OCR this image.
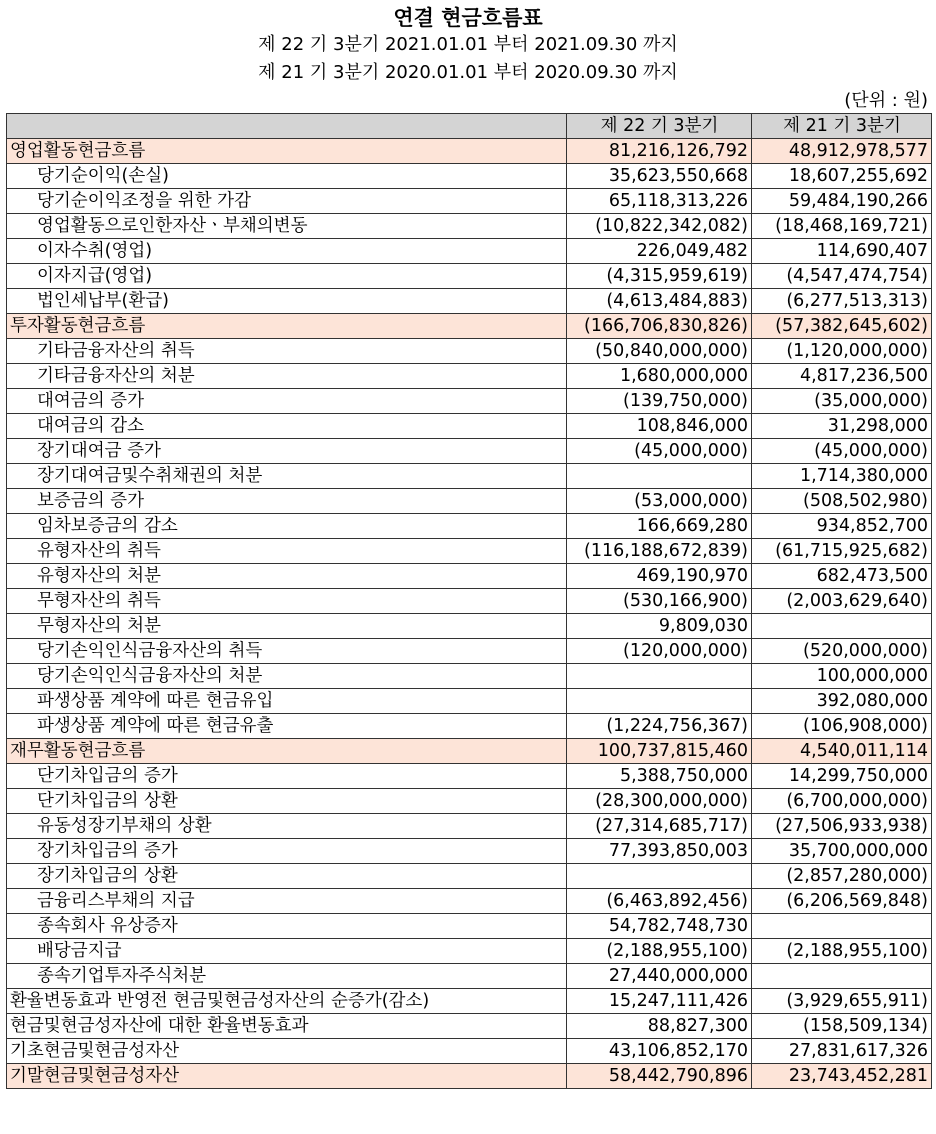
연결 현금흐름표
제 22 기 3분기 2021.01.01 부터 2021.09.30 까지
제 21 기 3분기 2020.01.01 부터 2020.09.30 까지
(단위 : 원)
	제 22 기 3분기	제 21 기 3분기
영업활동현금흐름	81,216,126,792	48,912,978,577
당기순이익(손실)	35,623,550,668	18,607,255,692
당기순이익조정을 위한 가감	65,118,313,226	59,484,190,266
영업활동으로인한자산ㆍ부채의변동	(10,822,342,082)	(18,468,169,721)
이자수취(영업)	226,049,482	114,690,407
이자지급(영업)	(4,315,959,619)	(4,547,474,754)
법인세납부(환급)	(4,613,484,883)	(6,277,513,313)
투자활동현금흐름	(166,706,830,826)	(57,382,645,602)
기타금융자산의 취득	(50,840,000,000)	(1,120,000,000)
기타금융자산의 처분	1,680,000,000	4,817,236,500
대여금의 증가	(139,750,000)	(35,000,000)
대여금의 감소	108,846,000	31,298,000
장기대여금 증가	(45,000,000)	(45,000,000)
장기대여금및수취채권의 처분		1,714,380,000
보증금의 증가	(53,000,000)	(508,502,980)
임차보증금의 감소	166,669,280	934,852,700
유형자산의 취득	(116,188,672,839)	(61,715,925,682)
유형자산의 처분	469,190,970	682,473,500
무형자산의 취득	(530,166,900)	(2,003,629,640)
무형자산의 처분	9,809,030	
당기손익인식금융자산의 취득	(120,000,000)	(520,000,000)
당기손익인식금융자산의 처분		100,000,000
파생상품 계약에 따른 현금유입		392,080,000
파생상품 계약에 따른 현금유출	(1,224,756,367)	(106,908,000)
재무활동현금흐름	100,737,815,460	4,540,011,114
단기차입금의 증가	5,388,750,000	14,299,750,000
단기차입금의 상환	(28,300,000,000)	(6,700,000,000)
유동성장기부채의 상환	(27,314,685,717)	(27,506,933,938)
장기차입금의 증가	77,393,850,003	35,700,000,000
장기차입금의 상환		(2,857,280,000)
금융리스부채의 지급	(6,463,892,456)	(6,206,569,848)
종속회사 유상증자	54,782,748,730	
배당금지급	(2,188,955,100)	(2,188,955,100)
종속기업투자주식처분	27,440,000,000	
환율변동효과 반영전 현금및현금성자산의 순증가(감소)	15,247,111,426	(3,929,655,911)
현금및현금성자산에 대한 환율변동효과	88,827,300	(158,509,134)
기초현금및현금성자산	43,106,852,170	27,831,617,326
기말현금및현금성자산	58,442,790,896	23,743,452,281
